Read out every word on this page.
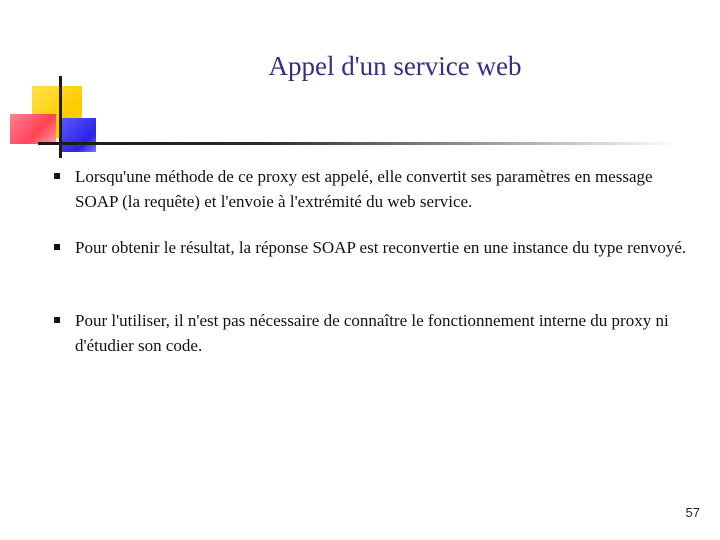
Appel d'un service web
Lorsqu'une méthode de ce proxy est appelé, elle convertit ses paramètres en message SOAP (la requête) et l'envoie à l'extrémité du web service.
Pour obtenir le résultat, la réponse SOAP est reconvertie en une instance du type renvoyé.
Pour l'utiliser, il n'est pas nécessaire de connaître le fonctionnement interne du proxy ni d'étudier son code.
57
